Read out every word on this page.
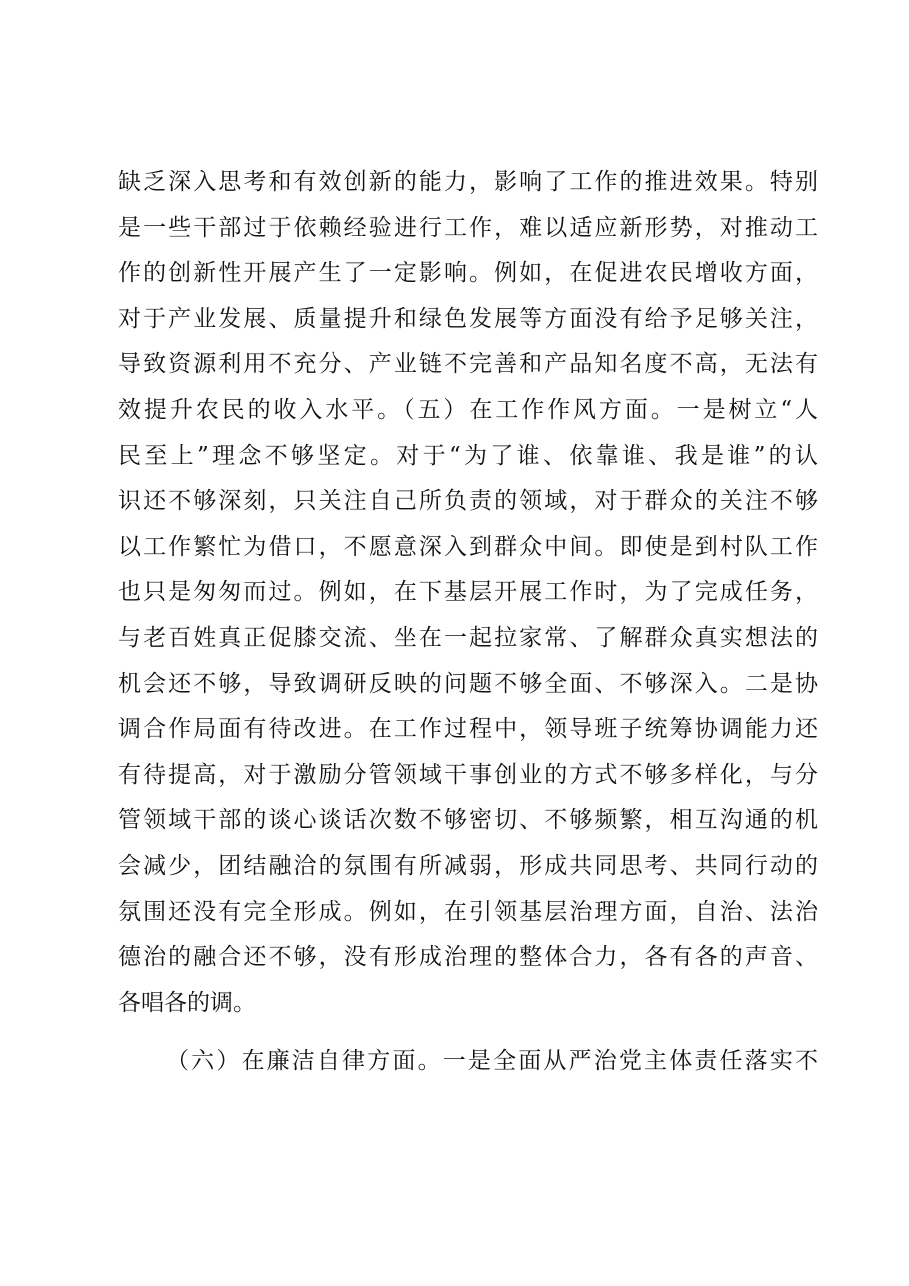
缺乏深入思考和有效创新的能力，影响了工作的推进效果。特别
是一些干部过于依赖经验进行工作，难以适应新形势，对推动工
作的创新性开展产生了一定影响。例如，在促进农民增收方面，
对于产业发展、质量提升和绿色发展等方面没有给予足够关注，
导致资源利用不充分、产业链不完善和产品知名度不高，无法有
效提升农民的收入水平。（五）在工作作风方面。一是树立“人
民至上”理念不够坚定。对于“为了谁、依靠谁、我是谁”的认
识还不够深刻，只关注自己所负责的领域，对于群众的关注不够
以工作繁忙为借口，不愿意深入到群众中间。即使是到村队工作
也只是匆匆而过。例如，在下基层开展工作时，为了完成任务，
与老百姓真正促膝交流、坐在一起拉家常、了解群众真实想法的
机会还不够，导致调研反映的问题不够全面、不够深入。二是协
调合作局面有待改进。在工作过程中，领导班子统筹协调能力还
有待提高，对于激励分管领域干事创业的方式不够多样化，与分
管领域干部的谈心谈话次数不够密切、不够频繁，相互沟通的机
会减少，团结融洽的氛围有所减弱，形成共同思考、共同行动的
氛围还没有完全形成。例如，在引领基层治理方面，自治、法治
德治的融合还不够，没有形成治理的整体合力，各有各的声音、
各唱各的调。
（六）在廉洁自律方面。一是全面从严治党主体责任落实不
